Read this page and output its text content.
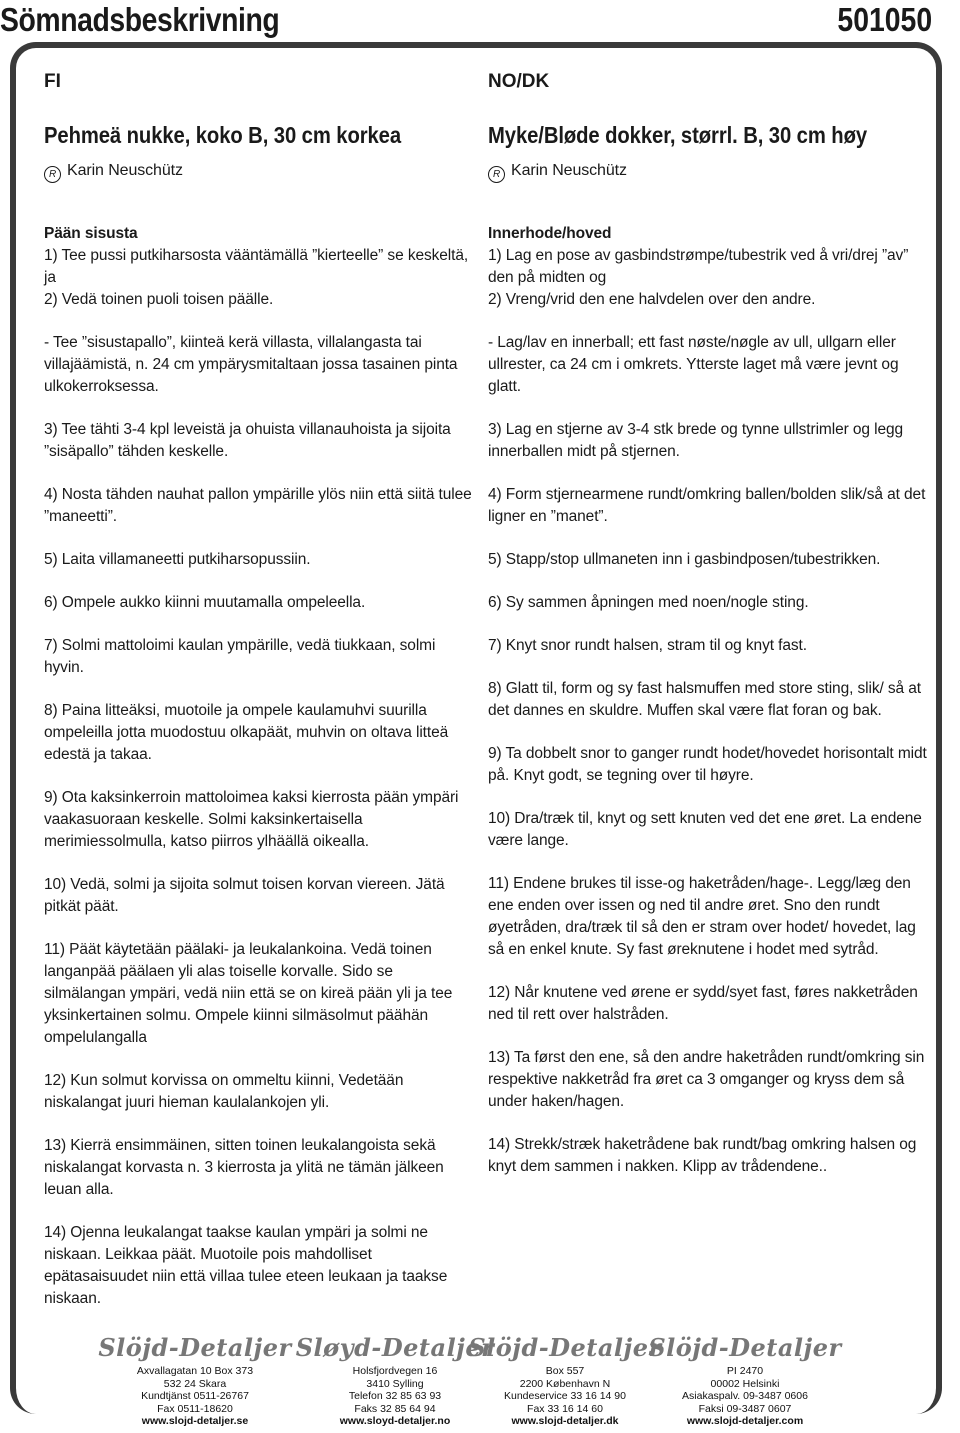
Sömnadsbeskrivning	501050
FI	NO/DK
Pehmeä nukke, koko B, 30 cm korkea
R Karin Neuschütz
Pään sisusta

1) Tee pussi putkiharsosta vääntämällä ”kierteelle” se keskeltä, ja
2) Vedä toinen puoli toisen päälle.

- Tee ”sisustapallo”, kiinteä kerä villasta, villalangasta tai villajäämistä, n. 24 cm ympärysmitaltaan jossa tasainen pinta ulkokerroksessa.

3) Tee tähti 3-4 kpl leveistä ja ohuista villanauhoista ja sijoita ”sisäpallo” tähden keskelle.

4) Nosta tähden nauhat pallon ympärille ylös niin että siitä tulee ”maneetti”.

5) Laita villamaneetti putkiharsopussiin.

6) Ompele aukko kiinni muutamalla ompeleella.

7) Solmi mattoloimi kaulan ympärille, vedä tiukkaan, solmi hyvin.

8) Paina litteäksi, muotoile ja ompele kaulamuhvi suurilla ompeleilla jotta muodostuu olkapäät, muhvin on oltava litteä edestä ja takaa.

9) Ota kaksinkerroin mattoloimea kaksi kierrosta pään ympäri vaakasuoraan keskelle. Solmi kaksinkertaisella merimiessolmulla, katso piirros ylhäällä oikealla.

10) Vedä, solmi ja sijoita solmut toisen korvan viereen. Jätä pitkät päät.

11) Päät käytetään päälaki- ja leukalankoina. Vedä toinen langanpää päälaen yli alas toiselle korvalle. Sido se silmälangan ympäri, vedä niin että se on kireä pään yli ja tee yksinkertainen solmu. Ompele kiinni silmäsolmut päähän ompelulangalla

12) Kun solmut korvissa on ommeltu kiinni, Vedetään niskalangat juuri hieman kaulalankojen yli.

13) Kierrä ensimmäinen, sitten toinen leukalangoista sekä niskalangat korvasta n. 3 kierrosta ja ylitä ne tämän jälkeen leuan alla.

14) Ojenna leukalangat taakse kaulan ympäri ja solmi ne niskaan. Leikkaa päät. Muotoile pois mahdolliset epätasaisuudet niin että villaa tulee eteen leukaan ja taakse niskaan.

Myke/Bløde dokker, størrl. B, 30 cm høy
R Karin Neuschütz
Innerhode/hoved

1) Lag en pose av gasbindstrømpe/tubestrik ved å vri/drej ”av” den på midten og
2) Vreng/vrid den ene halvdelen over den andre.

- Lag/lav en innerball; ett fast nøste/nøgle av ull, ullgarn eller ullrester, ca 24 cm i omkrets. Ytterste laget må være jevnt og glatt.

3) Lag en stjerne av 3-4 stk brede og tynne ullstrimler og legg innerballen midt på stjernen.

4) Form stjernearmene rundt/omkring ballen/bolden slik/så at det ligner en ”manet”.

5) Stapp/stop ullmaneten inn i gasbindposen/tubestrikken.

6) Sy sammen åpningen med noen/nogle sting.

7) Knyt snor rundt halsen, stram til og knyt fast.

8) Glatt til, form og sy fast halsmuffen med store sting, slik/ så at det dannes en skuldre. Muffen skal være flat foran og bak.

9) Ta dobbelt snor to ganger rundt hodet/hovedet horisontalt midt på. Knyt godt, se tegning over til høyre.

10) Dra/træk til, knyt og sett knuten ved det ene øret. La endene være lange.

11) Endene brukes til isse-og haketråden/hage-. Legg/læg den ene enden over issen og ned til andre øret. Sno den rundt øyetråden, dra/træk til så den er stram over hodet/ hovedet, lag så en enkel knute. Sy fast øreknutene i hodet med sytråd.

12) Når knutene ved ørene er sydd/syet fast, føres nakketråden ned til rett over halstråden.

13) Ta først den ene, så den andre haketråden rundt/omkring sin respektive nakketråd fra øret ca 3 omganger og kryss dem så under haken/hagen.

14) Strekk/stræk haketrådene bak rundt/bag omkring halsen og knyt dem sammen i nakken. Klipp av trådendene..

Slöjd-Detaljer
Axvallagatan 10 Box 373
532 24 Skara
Kundtjänst 0511-26767
Fax 0511-18620
www.slojd-detaljer.se
Sløyd-Detaljer
Holsfjordvegen 16
3410 Sylling
Telefon 32 85 63 93
Faks 32 85 64 94
www.sloyd-detaljer.no
Slöjd-Detaljer
Box 557
2200 København N
Kundeservice 33 16 14 90
Fax 33 16 14 60
www.slojd-detaljer.dk
Slöjd-Detaljer
PI 2470
00002 Helsinki
Asiakaspalv. 09-3487 0606
Faksi 09-3487 0607
www.slojd-detaljer.com
